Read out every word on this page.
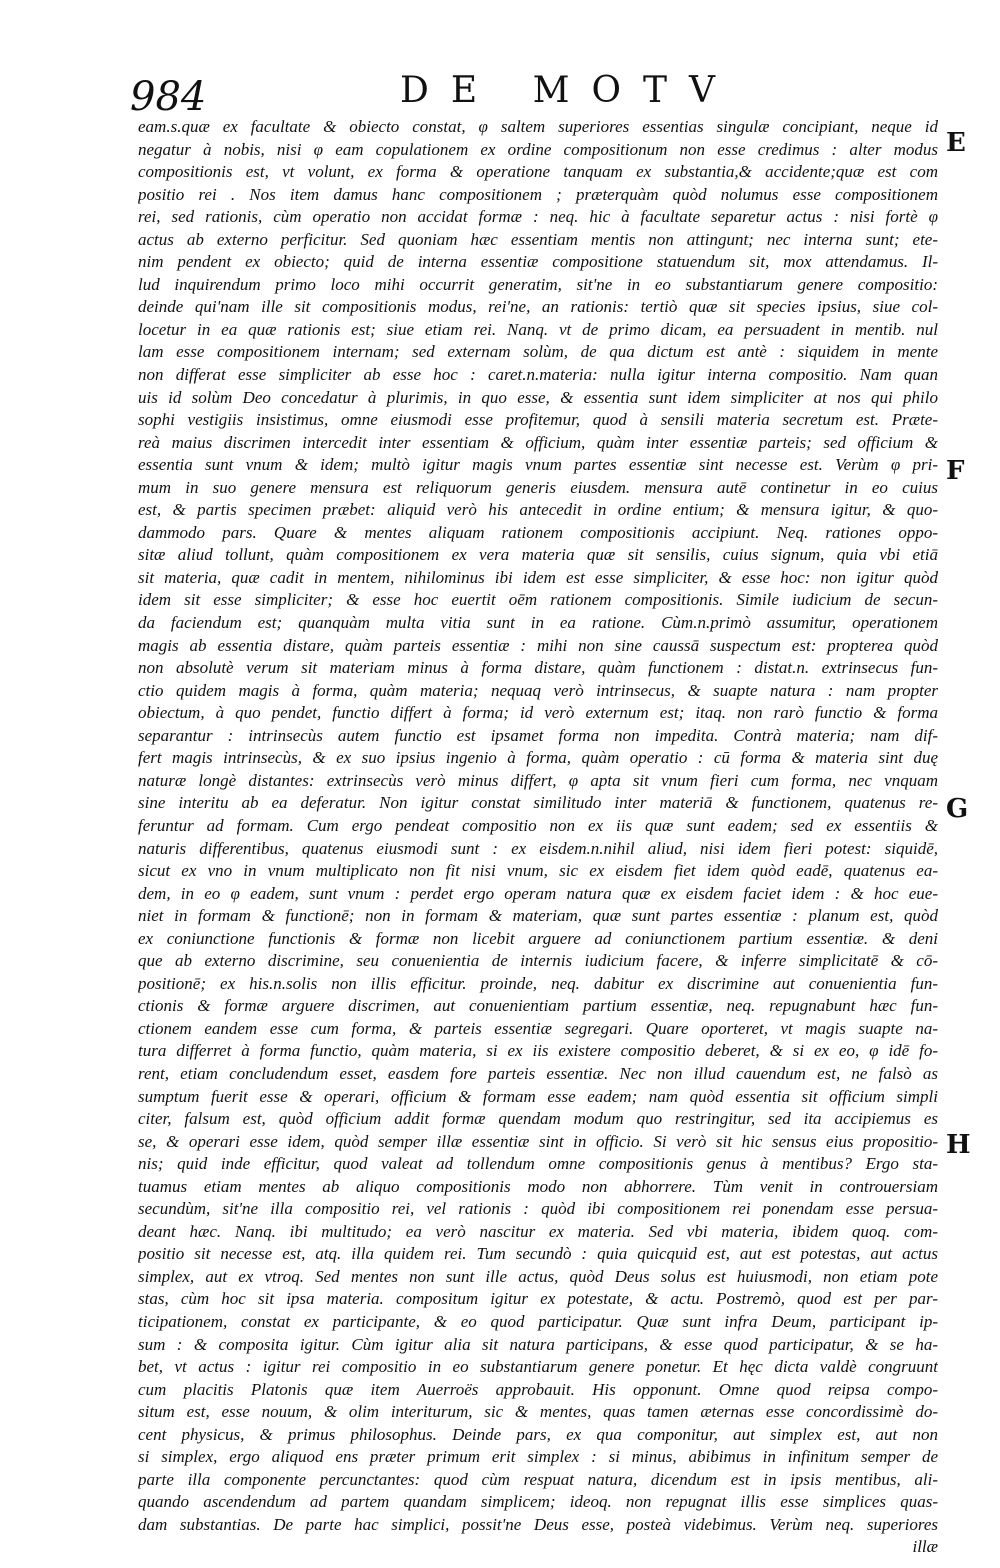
984	DE MOTV
E
F
G
H
eam.s.quæ ex facultate & obiecto constat, φ saltem superiores essentias singulæ concipiant, neque id
negatur à nobis, nisi φ eam copulationem ex ordine compositionum non esse credimus : alter modus
compositionis est, vt volunt, ex forma & operatione tanquam ex substantia,& accidente;quæ est com
positio rei . Nos item damus hanc compositionem ; præterquàm quòd nolumus esse compositionem
rei, sed rationis, cùm operatio non accidat formæ : neq. hic à facultate separetur actus : nisi fortè φ
actus ab externo perficitur. Sed quoniam hæc essentiam mentis non attingunt; nec interna sunt; ete-
nim pendent ex obiecto; quid de interna essentiæ compositione statuendum sit, mox attendamus. Il-
lud inquirendum primo loco mihi occurrit generatim, sit'ne in eo substantiarum genere compositio:
deinde qui'nam ille sit compositionis modus, rei'ne, an rationis: tertiò quæ sit species ipsius, siue col-
locetur in ea quæ rationis est; siue etiam rei. Nanq. vt de primo dicam, ea persuadent in mentib. nul
lam esse compositionem internam; sed externam solùm, de qua dictum est antè : siquidem in mente
non differat esse simpliciter ab esse hoc : caret.n.materia: nulla igitur interna compositio. Nam quan
uis id solùm Deo concedatur à plurimis, in quo esse, & essentia sunt idem simpliciter at nos qui philo
sophi vestigiis insistimus, omne eiusmodi esse profitemur, quod à sensili materia secretum est. Præte-
reà maius discrimen intercedit inter essentiam & officium, quàm inter essentiæ parteis; sed officium &
essentia sunt vnum & idem; multò igitur magis vnum partes essentiæ sint necesse est. Verùm φ pri-
mum in suo genere mensura est reliquorum generis eiusdem. mensura autē continetur in eo cuius
est, & partis specimen præbet: aliquid verò his antecedit in ordine entium; & mensura igitur, & quo-
dammodo pars. Quare & mentes aliquam rationem compositionis accipiunt. Neq. rationes oppo-
sitæ aliud tollunt, quàm compositionem ex vera materia quæ sit sensilis, cuius signum, quia vbi etiā
sit materia, quæ cadit in mentem, nihilominus ibi idem est esse simpliciter, & esse hoc: non igitur quòd
idem sit esse simpliciter; & esse hoc euertit oēm rationem compositionis. Simile iudicium de secun-
da faciendum est; quanquàm multa vitia sunt in ea ratione. Cùm.n.primò assumitur, operationem
magis ab essentia distare, quàm parteis essentiæ : mihi non sine caussā suspectum est: propterea quòd
non absolutè verum sit materiam minus à forma distare, quàm functionem : distat.n. extrinsecus fun-
ctio quidem magis à forma, quàm materia; nequaq verò intrinsecus, & suapte natura : nam propter
obiectum, à quo pendet, functio differt à forma; id verò externum est; itaq. non rarò functio & forma
separantur : intrinsecùs autem functio est ipsamet forma non impedita. Contrà materia; nam dif-
fert magis intrinsecùs, & ex suo ipsius ingenio à forma, quàm operatio : cū forma & materia sint duę
naturæ longè distantes: extrinsecùs verò minus differt, φ apta sit vnum fieri cum forma, nec vnquam
sine interitu ab ea deferatur. Non igitur constat similitudo inter materiā & functionem, quatenus re-
feruntur ad formam. Cum ergo pendeat compositio non ex iis quæ sunt eadem; sed ex essentiis &
naturis differentibus, quatenus eiusmodi sunt : ex eisdem.n.nihil aliud, nisi idem fieri potest: siquidē,
sicut ex vno in vnum multiplicato non fit nisi vnum, sic ex eisdem fiet idem quòd eadē, quatenus ea-
dem, in eo φ eadem, sunt vnum : perdet ergo operam natura quæ ex eisdem faciet idem : & hoc eue-
niet in formam & functionē; non in formam & materiam, quæ sunt partes essentiæ : planum est, quòd
ex coniunctione functionis & formæ non licebit arguere ad coniunctionem partium essentiæ. & deni
que ab externo discrimine, seu conuenientia de internis iudicium facere, & inferre simplicitatē & cō-
positionē; ex his.n.solis non illis efficitur. proinde, neq. dabitur ex discrimine aut conuenientia fun-
ctionis & formæ arguere discrimen, aut conuenientiam partium essentiæ, neq. repugnabunt hæc fun-
ctionem eandem esse cum forma, & parteis essentiæ segregari. Quare oporteret, vt magis suapte na-
tura differret à forma functio, quàm materia, si ex iis existere compositio deberet, & si ex eo, φ idē fo-
rent, etiam concludendum esset, easdem fore parteis essentiæ. Nec non illud cauendum est, ne falsò as
sumptum fuerit esse & operari, officium & formam esse eadem; nam quòd essentia sit officium simpli
citer, falsum est, quòd officium addit formæ quendam modum quo restringitur, sed ita accipiemus es
se, & operari esse idem, quòd semper illæ essentiæ sint in officio. Si verò sit hic sensus eius propositio-
nis; quid inde efficitur, quod valeat ad tollendum omne compositionis genus à mentibus? Ergo sta-
tuamus etiam mentes ab aliquo compositionis modo non abhorrere. Tùm venit in controuersiam
secundùm, sit'ne illa compositio rei, vel rationis : quòd ibi compositionem rei ponendam esse persua-
deant hæc. Nanq. ibi multitudo; ea verò nascitur ex materia. Sed vbi materia, ibidem quoq. com-
positio sit necesse est, atq. illa quidem rei. Tum secundò : quia quicquid est, aut est potestas, aut actus
simplex, aut ex vtroq. Sed mentes non sunt ille actus, quòd Deus solus est huiusmodi, non etiam pote
stas, cùm hoc sit ipsa materia. compositum igitur ex potestate, & actu. Postremò, quod est per par-
ticipationem, constat ex participante, & eo quod participatur. Quæ sunt infra Deum, participant ip-
sum : & composita igitur. Cùm igitur alia sit natura participans, & esse quod participatur, & se ha-
bet, vt actus : igitur rei compositio in eo substantiarum genere ponetur. Et hęc dicta valdè congruunt
cum placitis Platonis quæ item Auerroës approbauit. His opponunt. Omne quod reipsa compo-
situm est, esse nouum, & olim interiturum, sic & mentes, quas tamen æternas esse concordissimè do-
cent physicus, & primus philosophus. Deinde pars, ex qua componitur, aut simplex est, aut non
si simplex, ergo aliquod ens præter primum erit simplex : si minus, abibimus in infinitum semper de
parte illa componente percunctantes: quod cùm respuat natura, dicendum est in ipsis mentibus, ali-
quando ascendendum ad partem quandam simplicem; ideoq. non repugnat illis esse simplices quas-
dam substantias. De parte hac simplici, possit'ne Deus esse, posteà videbimus. Verùm neq. superiores
illæ
